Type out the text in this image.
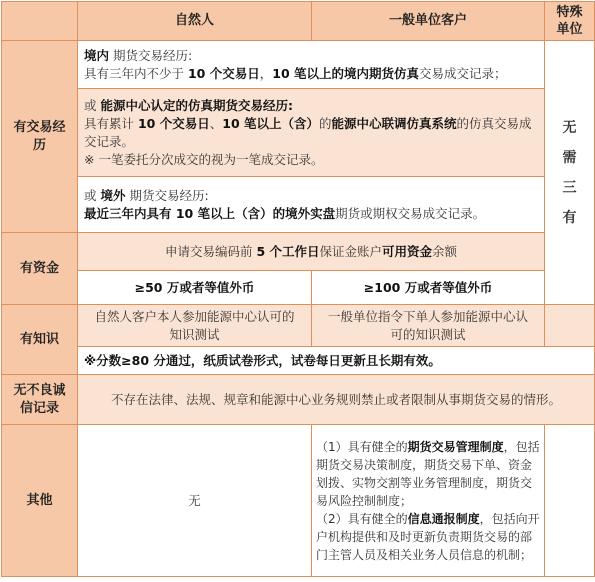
	自然人	一般单位客户	特殊
单位
有交易经
历	境内 期货交易经历:
具有三年内不少于 10 个交易日，10 笔以上的境内期货仿真交易成交记录；		无
需
三
有

	或 能源中心认定的仿真期货交易经历:
具有累计 10 个交易日、10 笔以上（含）的能源中心联调仿真系统的仿真交易成交记录。
※ 一笔委托分次成交的视为一笔成交记录。		
	或 境外 期货交易经历:
最近三年内具有 10 笔以上（含）的境外实盘期货或期权交易成交记录。		
有资金	申请交易编码前 5 个工作日保证金账户可用资金余额		
	≥50 万或者等值外币	≥100 万或者等值外币	
有知识	自然人客户本人参加能源中心认可的知识测试	一般单位指令下单人参加能源中心认可的知识测试	
	※分数≥80 分通过，纸质试卷形式，试卷每日更新且长期有效。		
无不良诚
信记录	不存在法律、法规、规章和能源中心业务规则禁止或者限制从事期货交易的情形。		
其他	无	（1）具有健全的期货交易管理制度，包括期货交易决策制度，期货交易下单、资金划拨、实物交割等业务管理制度，期货交易风险控制制度；
（2）具有健全的信息通报制度，包括向开户机构提供和及时更新负责期货交易的部门主管人员及相关业务人员信息的机制；	
